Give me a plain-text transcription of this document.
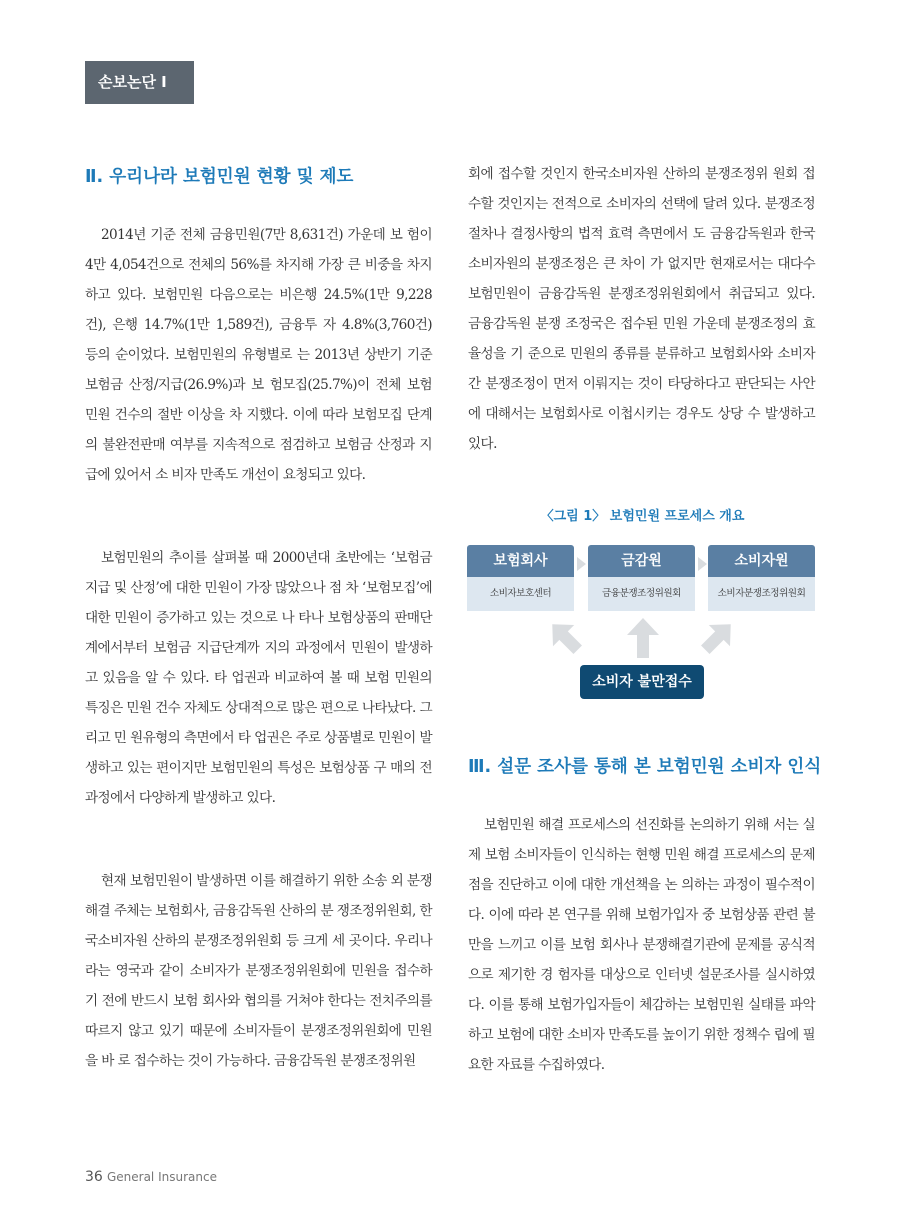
손보논단 Ⅰ
Ⅱ. 우리나라 보험민원 현황 및 제도

2014년 기준 전체 금융민원(7만 8,631건) 가운데 보 험이 4만 4,054건으로 전체의 56%를 차지해 가장 큰 비중을 차지하고 있다. 보험민원 다음으로는 비은행 24.5%(1만 9,228건), 은행 14.7%(1만 1,589건), 금융투 자 4.8%(3,760건) 등의 순이었다. 보험민원의 유형별로 는 2013년 상반기 기준 보험금 산정/지급(26.9%)과 보 험모집(25.7%)이 전체 보험민원 건수의 절반 이상을 차 지했다. 이에 따라 보험모집 단계의 불완전판매 여부를 지속적으로 점검하고 보험금 산정과 지급에 있어서 소 비자 만족도 개선이 요청되고 있다.

보험민원의 추이를 살펴볼 때 2000년대 초반에는 ‘보험금 지급 및 산정’에 대한 민원이 가장 많았으나 점 차 ‘보험모집’에 대한 민원이 증가하고 있는 것으로 나 타나 보험상품의 판매단계에서부터 보험금 지급단계까 지의 과정에서 민원이 발생하고 있음을 알 수 있다. 타 업권과 비교하여 볼 때 보험 민원의 특징은 민원 건수 자체도 상대적으로 많은 편으로 나타났다. 그리고 민 원유형의 측면에서 타 업권은 주로 상품별로 민원이 발 생하고 있는 편이지만 보험민원의 특성은 보험상품 구 매의 전 과정에서 다양하게 발생하고 있다.

현재 보험민원이 발생하면 이를 해결하기 위한 소송 외 분쟁해결 주체는 보험회사, 금융감독원 산하의 분 쟁조정위원회, 한국소비자원 산하의 분쟁조정위원회 등 크게 세 곳이다. 우리나라는 영국과 같이 소비자가 분쟁조정위원회에 민원을 접수하기 전에 반드시 보험 회사와 협의를 거쳐야 한다는 전치주의를 따르지 않고 있기 때문에 소비자들이 분쟁조정위원회에 민원을 바 로 접수하는 것이 가능하다. 금융감독원 분쟁조정위원

회에 접수할 것인지 한국소비자원 산하의 분쟁조정위 원회 접수할 것인지는 전적으로 소비자의 선택에 달려 있다. 분쟁조정 절차나 결정사항의 법적 효력 측면에서 도 금융감독원과 한국소비자원의 분쟁조정은 큰 차이 가 없지만 현재로서는 대다수 보험민원이 금융감독원 분쟁조정위원회에서 취급되고 있다. 금융감독원 분쟁 조정국은 접수된 민원 가운데 분쟁조정의 효율성을 기 준으로 민원의 종류를 분류하고 보험회사와 소비자 간 분쟁조정이 먼저 이뤄지는 것이 타당하다고 판단되는 사안에 대해서는 보험회사로 이첩시키는 경우도 상당 수 발생하고 있다.

〈그림 1〉 보험민원 프로세스 개요

보험회사
소비자보호센터
금감원
금융분쟁조정위원회
소비자원
소비자분쟁조정위원회
소비자 불만접수
Ⅲ. 설문 조사를 통해 본 보험민원 소비자 인식

보험민원 해결 프로세스의 선진화를 논의하기 위해 서는 실제 보험 소비자들이 인식하는 현행 민원 해결 프로세스의 문제점을 진단하고 이에 대한 개선책을 논 의하는 과정이 필수적이다. 이에 따라 본 연구를 위해 보험가입자 중 보험상품 관련 불만을 느끼고 이를 보험 회사나 분쟁해결기관에 문제를 공식적으로 제기한 경 험자를 대상으로 인터넷 설문조사를 실시하였다. 이를 통해 보험가입자들이 체감하는 보험민원 실태를 파악 하고 보험에 대한 소비자 만족도를 높이기 위한 정책수 립에 필요한 자료를 수집하였다.

36 General Insurance
